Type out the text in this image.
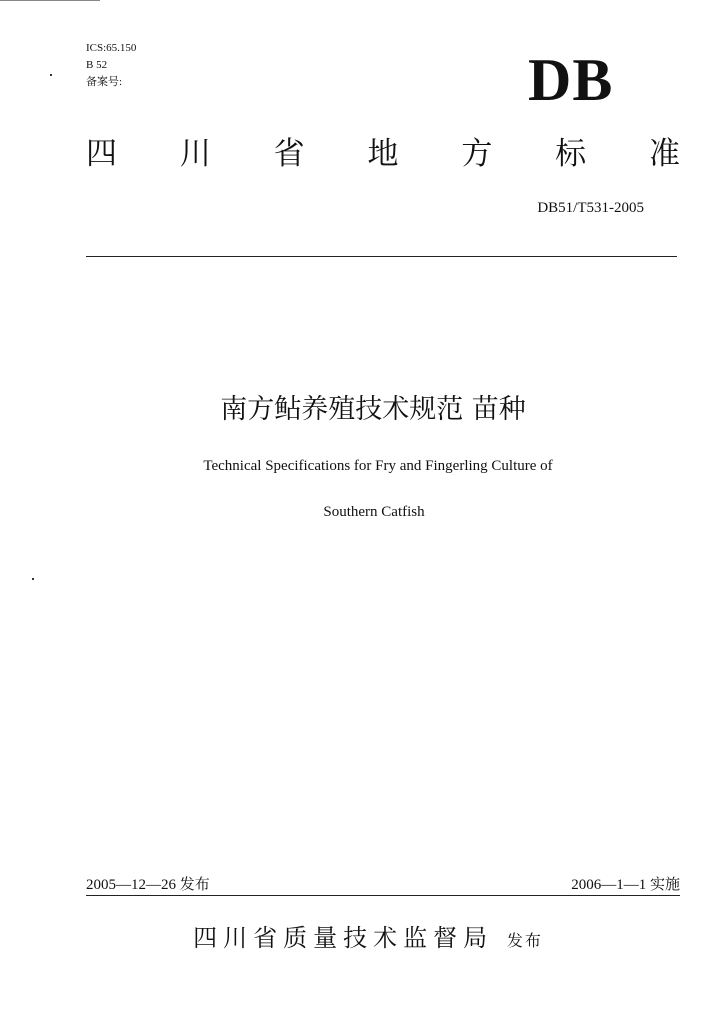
ICS:65.150
B 52
备案号:	DB
四 川 省 地 方 标 准
DB51/T531-2005
南方鲇养殖技术规范 苗种
Technical Specifications for Fry and Fingerling Culture of
Southern Catfish
2005—12—26 发布	2006—1—1 实施
四川省质量技术监督局 发布
